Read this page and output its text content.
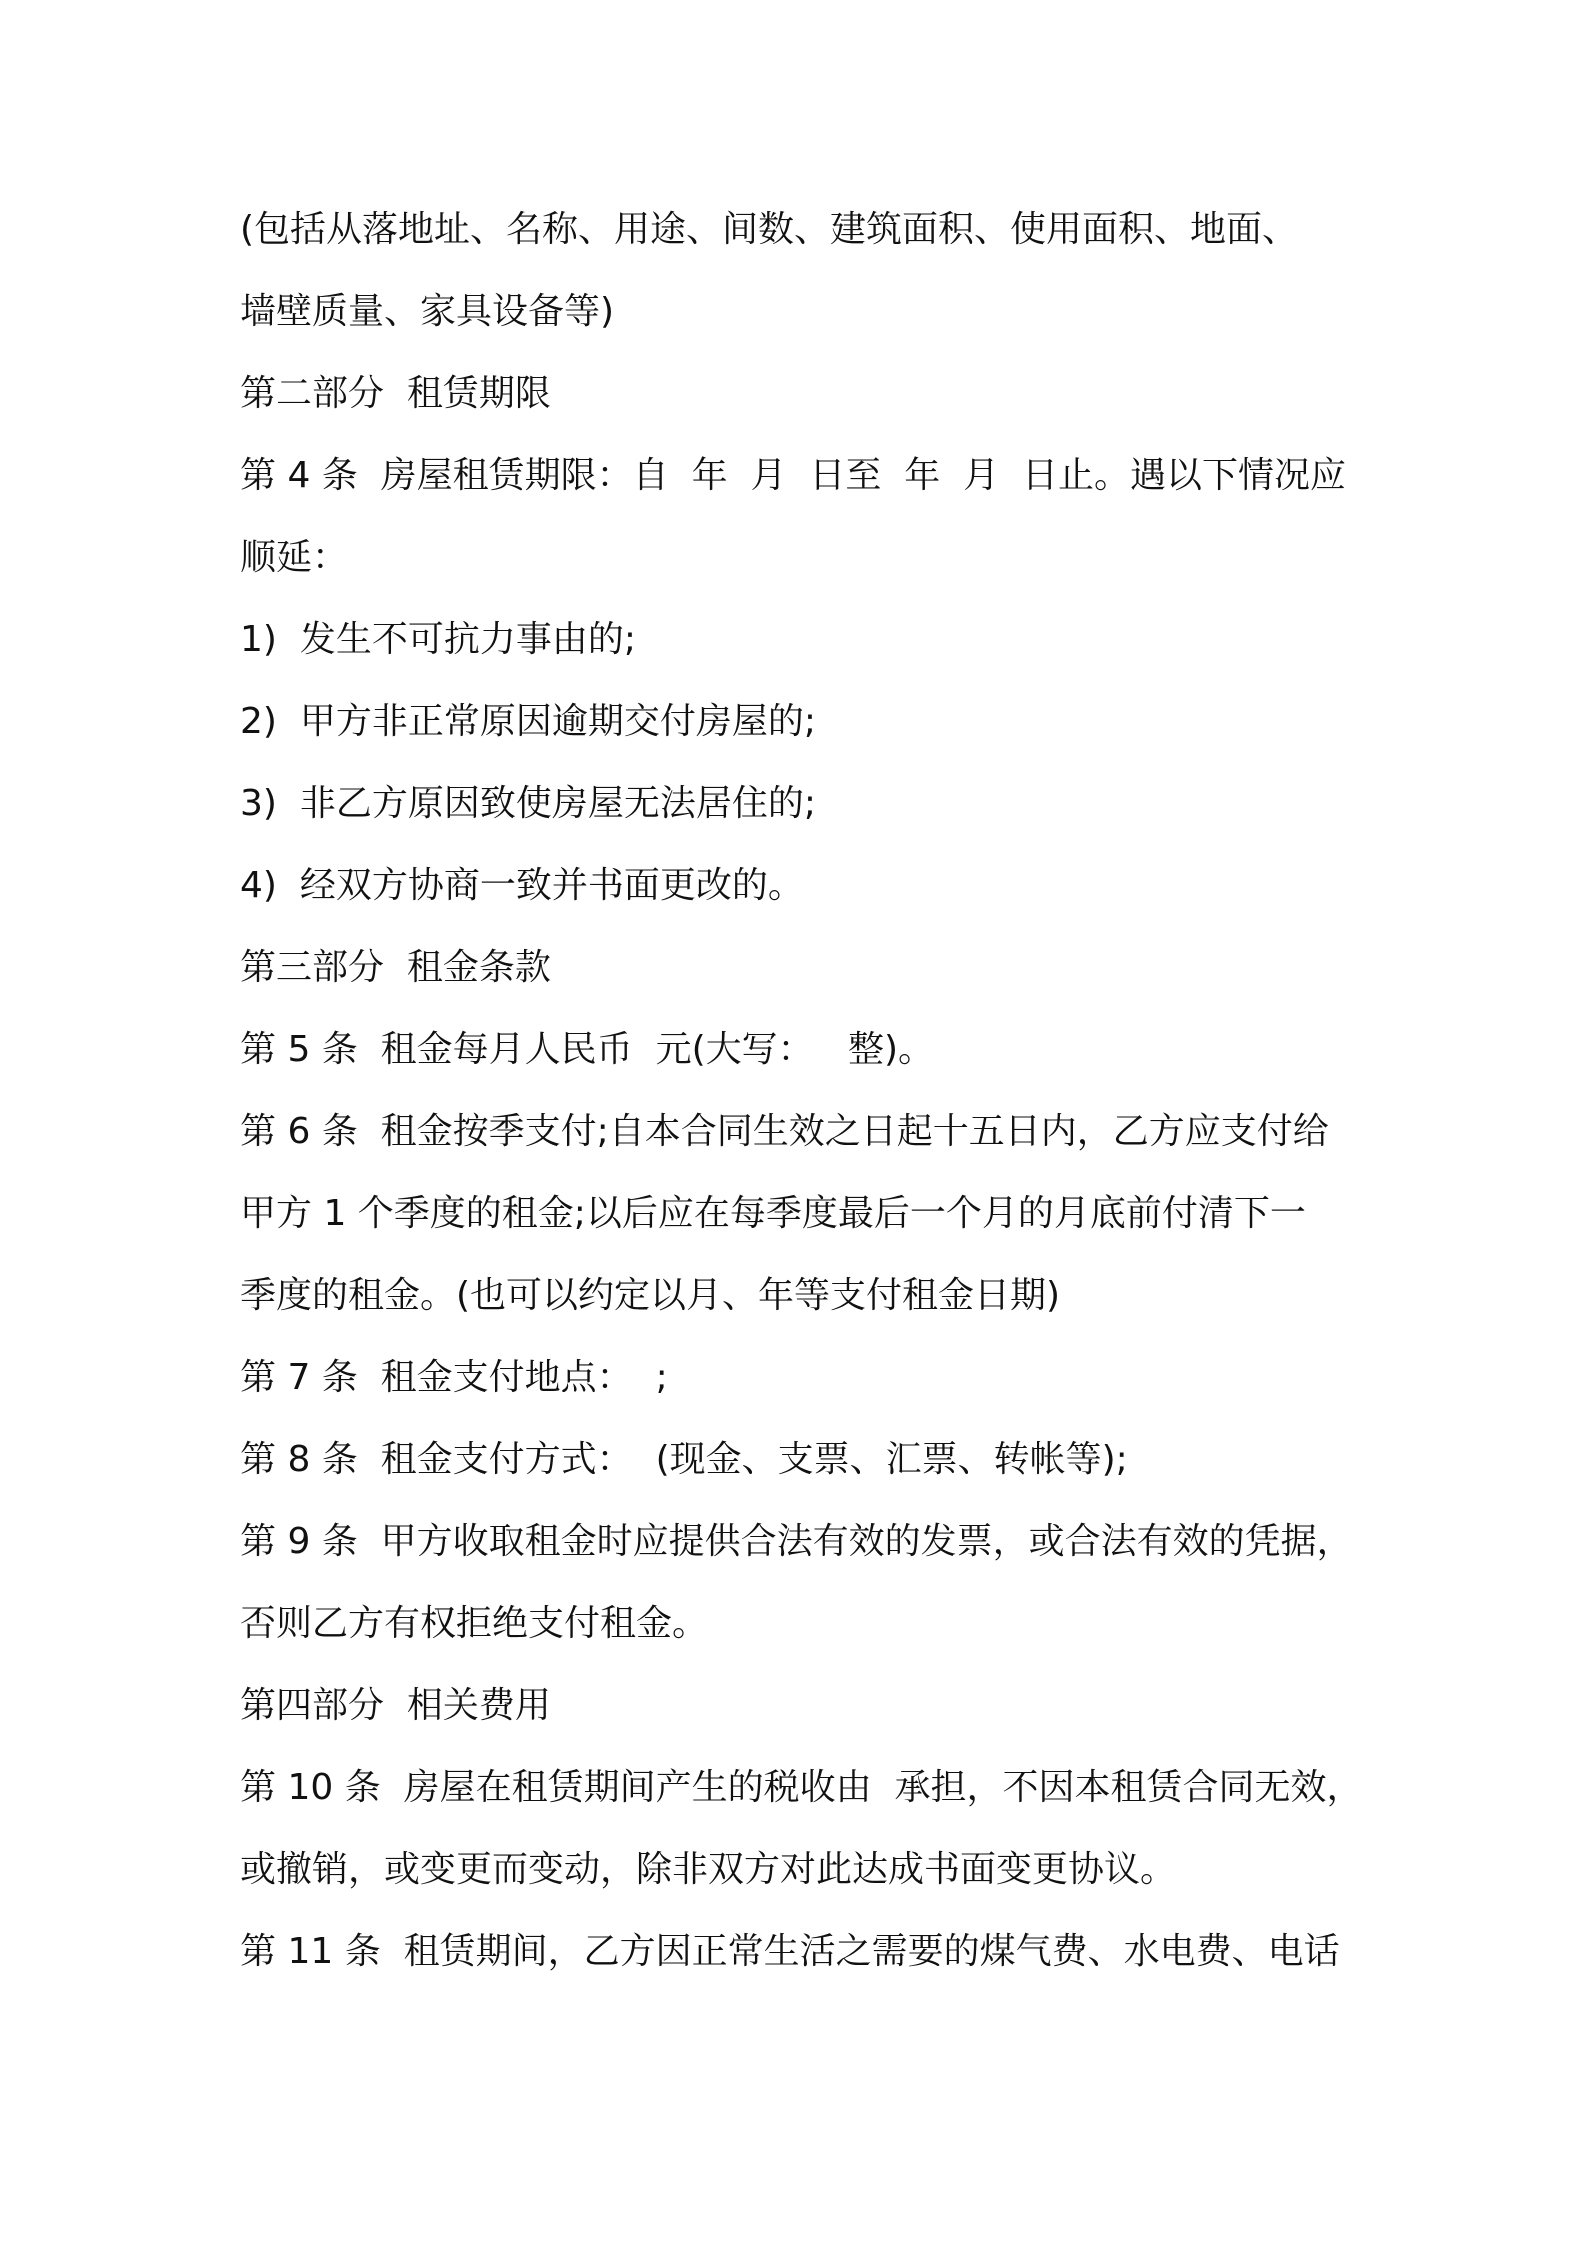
(包括从落地址、名称、用途、间数、建筑面积、使用面积、地面、
墙壁质量、家具设备等)
第二部分  租赁期限
第 4 条  房屋租赁期限：自  年  月  日至  年  月  日止。遇以下情况应
顺延：
1)  发生不可抗力事由的;
2)  甲方非正常原因逾期交付房屋的;
3)  非乙方原因致使房屋无法居住的;
4)  经双方协商一致并书面更改的。
第三部分  租金条款
第 5 条  租金每月人民币  元(大写：   整)。
第 6 条  租金按季支付;自本合同生效之日起十五日内，乙方应支付给
甲方 1 个季度的租金;以后应在每季度最后一个月的月底前付清下一
季度的租金。(也可以约定以月、年等支付租金日期)
第 7 条  租金支付地点：  ;
第 8 条  租金支付方式：  (现金、支票、汇票、转帐等);
第 9 条  甲方收取租金时应提供合法有效的发票，或合法有效的凭据，
否则乙方有权拒绝支付租金。
第四部分  相关费用
第 10 条  房屋在租赁期间产生的税收由  承担，不因本租赁合同无效，
或撤销，或变更而变动，除非双方对此达成书面变更协议。
第 11 条  租赁期间，乙方因正常生活之需要的煤气费、水电费、电话
